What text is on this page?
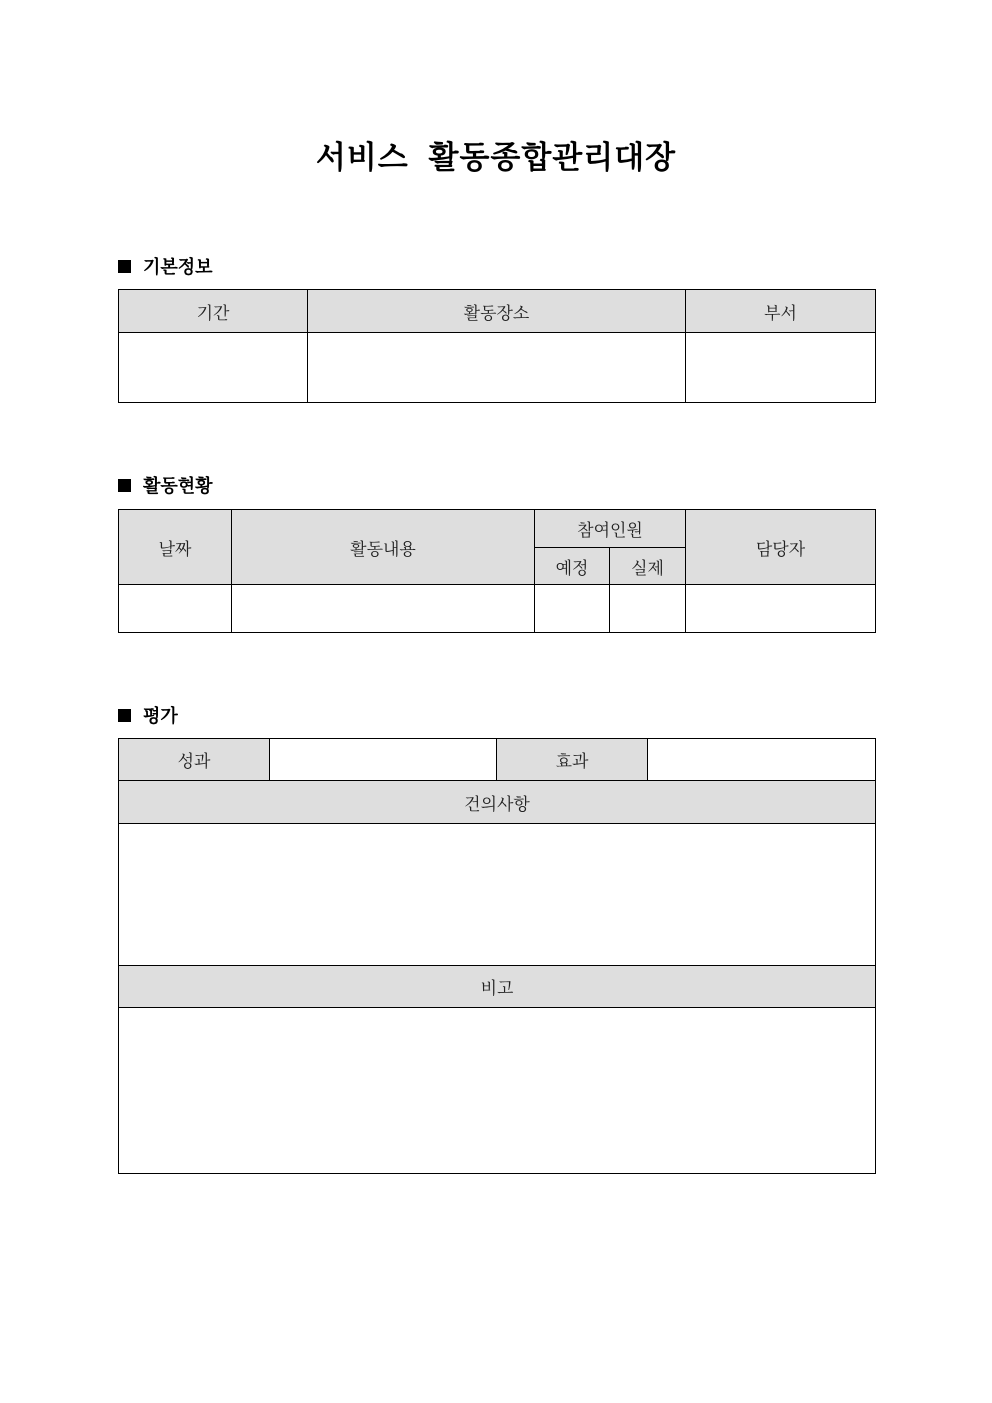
서비스 활동종합관리대장
기본정보
기간	활동장소	부서

활동현황
날짜	활동내용	참여인원		담당자
		예정	실제	

평가
성과		효과	
건의사항

비고
